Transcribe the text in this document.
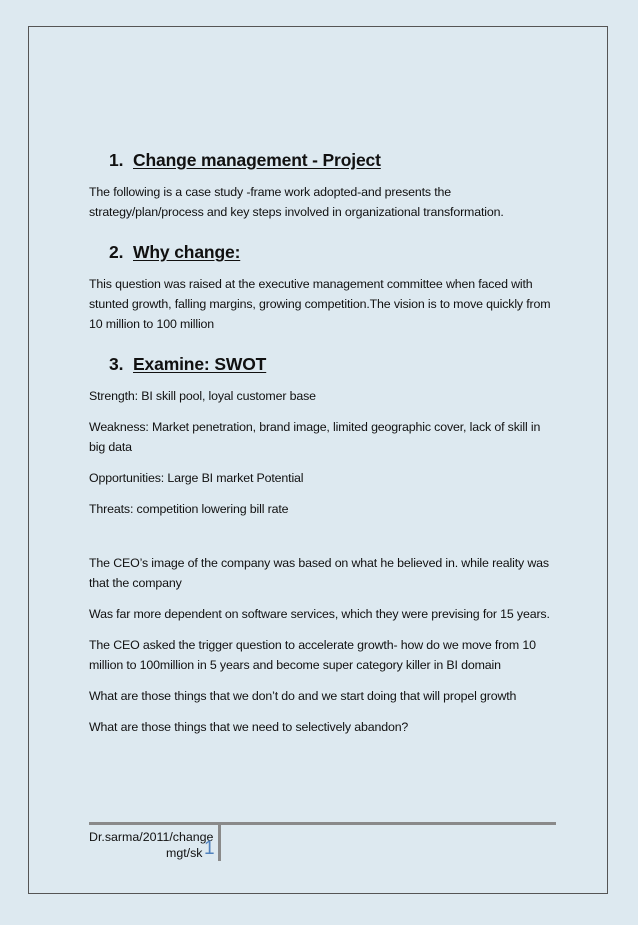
1. Change management - Project

The following is a case study -frame work adopted-and presents the strategy/plan/process and key steps involved in organizational transformation.

2. Why change:

This question was raised at the executive management committee when faced with stunted growth, falling margins, growing competition.The vision is to move quickly from 10 million to 100 million

3. Examine: SWOT

Strength: BI skill pool, loyal customer base

Weakness: Market penetration, brand image, limited geographic cover, lack of skill in big data

Opportunities: Large BI market Potential

Threats: competition lowering bill rate

The CEO’s image of the company was based on what he believed in. while reality was that the company

Was far more dependent on software services, which they were prevising for 15 years.

The CEO asked the trigger question to accelerate growth- how do we move from 10 million to 100million in 5 years and become super category killer in BI domain

What are those things that we don’t do and we start doing that will propel growth

What are those things that we need to selectively abandon?

Dr.sarma/2011/change
mgt/sk 1
